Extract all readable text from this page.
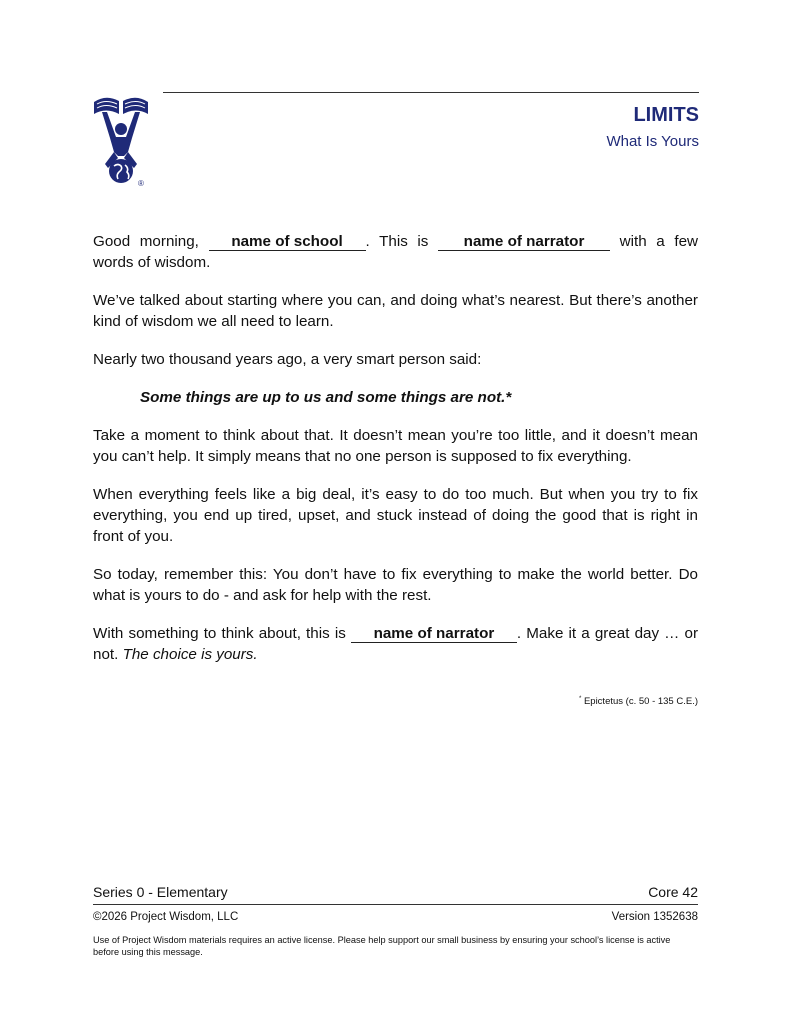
®
LIMITS
What Is Yours

Good morning, name of school . This is name of narrator with a few words of wisdom.

We’ve talked about starting where you can, and doing what’s nearest. But there’s another kind of wisdom we all need to learn.

Nearly two thousand years ago, a very smart person said:

Some things are up to us and some things are not.*

Take a moment to think about that. It doesn’t mean you’re too little, and it doesn’t mean you can’t help. It simply means that no one person is supposed to fix everything.

When everything feels like a big deal, it’s easy to do too much. But when you try to fix everything, you end up tired, upset, and stuck instead of doing the good that is right in front of you.

So today, remember this: You don’t have to fix everything to make the world better. Do what is yours to do - and ask for help with the rest.

With something to think about, this is name of narrator . Make it a great day … or not. The choice is yours.

* Epictetus (c. 50 - 135 C.E.)
Series 0 - Elementary	Core 42
©2026 Project Wisdom, LLC	Version 1352638
Use of Project Wisdom materials requires an active license. Please help support our small business by ensuring your school’s license is active before using this message.
